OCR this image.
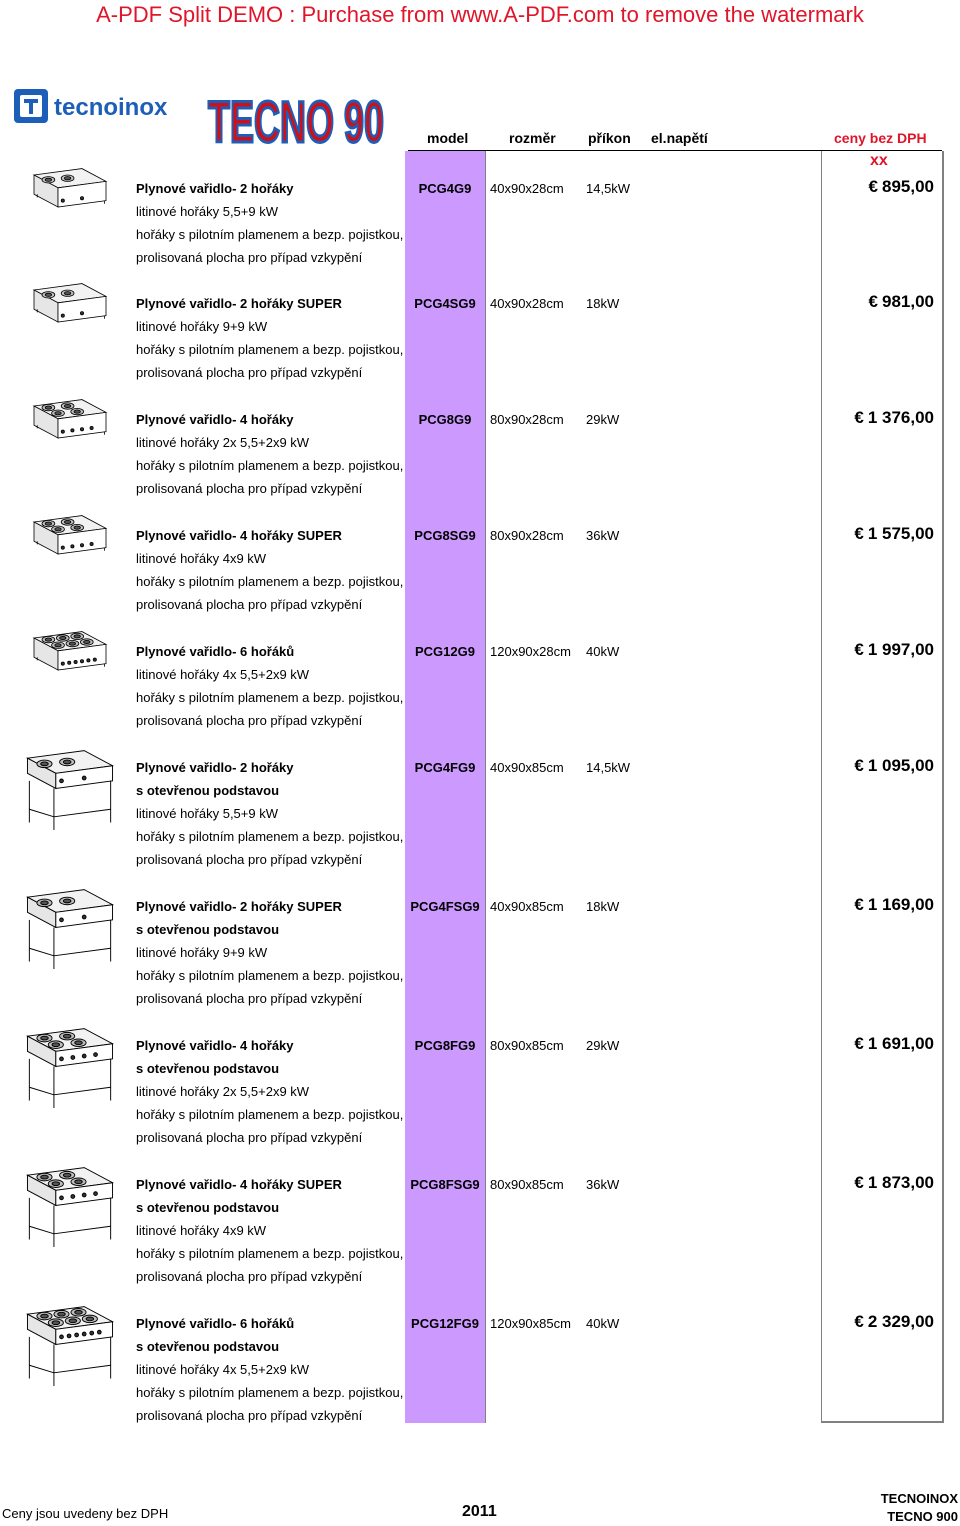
A-PDF Split DEMO : Purchase from www.A-PDF.com to remove the watermark
tecnoinox TECNO 90	model	rozměr příkon el.napětí	ceny bez DPH
xx
Plynové vařidlo- 2 hořáky
litinové hořáky 5,5+9 kW
hořáky s pilotním plamenem a bezp. pojistkou,
prolisovaná plocha pro případ vzkypění
PCG4G9	40x90x28cm 14,5kW	€ 895,00
Plynové vařidlo- 2 hořáky SUPER
litinové hořáky 9+9 kW
hořáky s pilotním plamenem a bezp. pojistkou,
prolisovaná plocha pro případ vzkypění
PCG4SG9	40x90x28cm 18kW	€ 981,00
Plynové vařidlo- 4 hořáky
litinové hořáky 2x 5,5+2x9 kW
hořáky s pilotním plamenem a bezp. pojistkou,
prolisovaná plocha pro případ vzkypění
PCG8G9	80x90x28cm 29kW	€ 1 376,00
Plynové vařidlo- 4 hořáky SUPER
litinové hořáky 4x9 kW
hořáky s pilotním plamenem a bezp. pojistkou,
prolisovaná plocha pro případ vzkypění
PCG8SG9	80x90x28cm 36kW	€ 1 575,00
Plynové vařidlo- 6 hořáků
litinové hořáky 4x 5,5+2x9 kW
hořáky s pilotním plamenem a bezp. pojistkou,
prolisovaná plocha pro případ vzkypění
PCG12G9	120x90x28cm 40kW	€ 1 997,00
Plynové vařidlo- 2 hořáky
s otevřenou podstavou
litinové hořáky 5,5+9 kW
hořáky s pilotním plamenem a bezp. pojistkou,
prolisovaná plocha pro případ vzkypění
PCG4FG9	40x90x85cm 14,5kW	€ 1 095,00
Plynové vařidlo- 2 hořáky SUPER
s otevřenou podstavou
litinové hořáky 9+9 kW
hořáky s pilotním plamenem a bezp. pojistkou,
prolisovaná plocha pro případ vzkypění
PCG4FSG9 40x90x85cm 18kW	€ 1 169,00
Plynové vařidlo- 4 hořáky
s otevřenou podstavou
litinové hořáky 2x 5,5+2x9 kW
hořáky s pilotním plamenem a bezp. pojistkou,
prolisovaná plocha pro případ vzkypění
PCG8FG9	80x90x85cm 29kW	€ 1 691,00
Plynové vařidlo- 4 hořáky SUPER
s otevřenou podstavou
litinové hořáky 4x9 kW
hořáky s pilotním plamenem a bezp. pojistkou,
prolisovaná plocha pro případ vzkypění
PCG8FSG9 80x90x85cm 36kW	€ 1 873,00
Plynové vařidlo- 6 hořáků
s otevřenou podstavou
litinové hořáky 4x 5,5+2x9 kW
hořáky s pilotním plamenem a bezp. pojistkou,
prolisovaná plocha pro případ vzkypění
PCG12FG9 120x90x85cm 40kW	€ 2 329,00
Ceny jsou uvedeny bez DPH	2011
TECNOINOX
TECNO 900
